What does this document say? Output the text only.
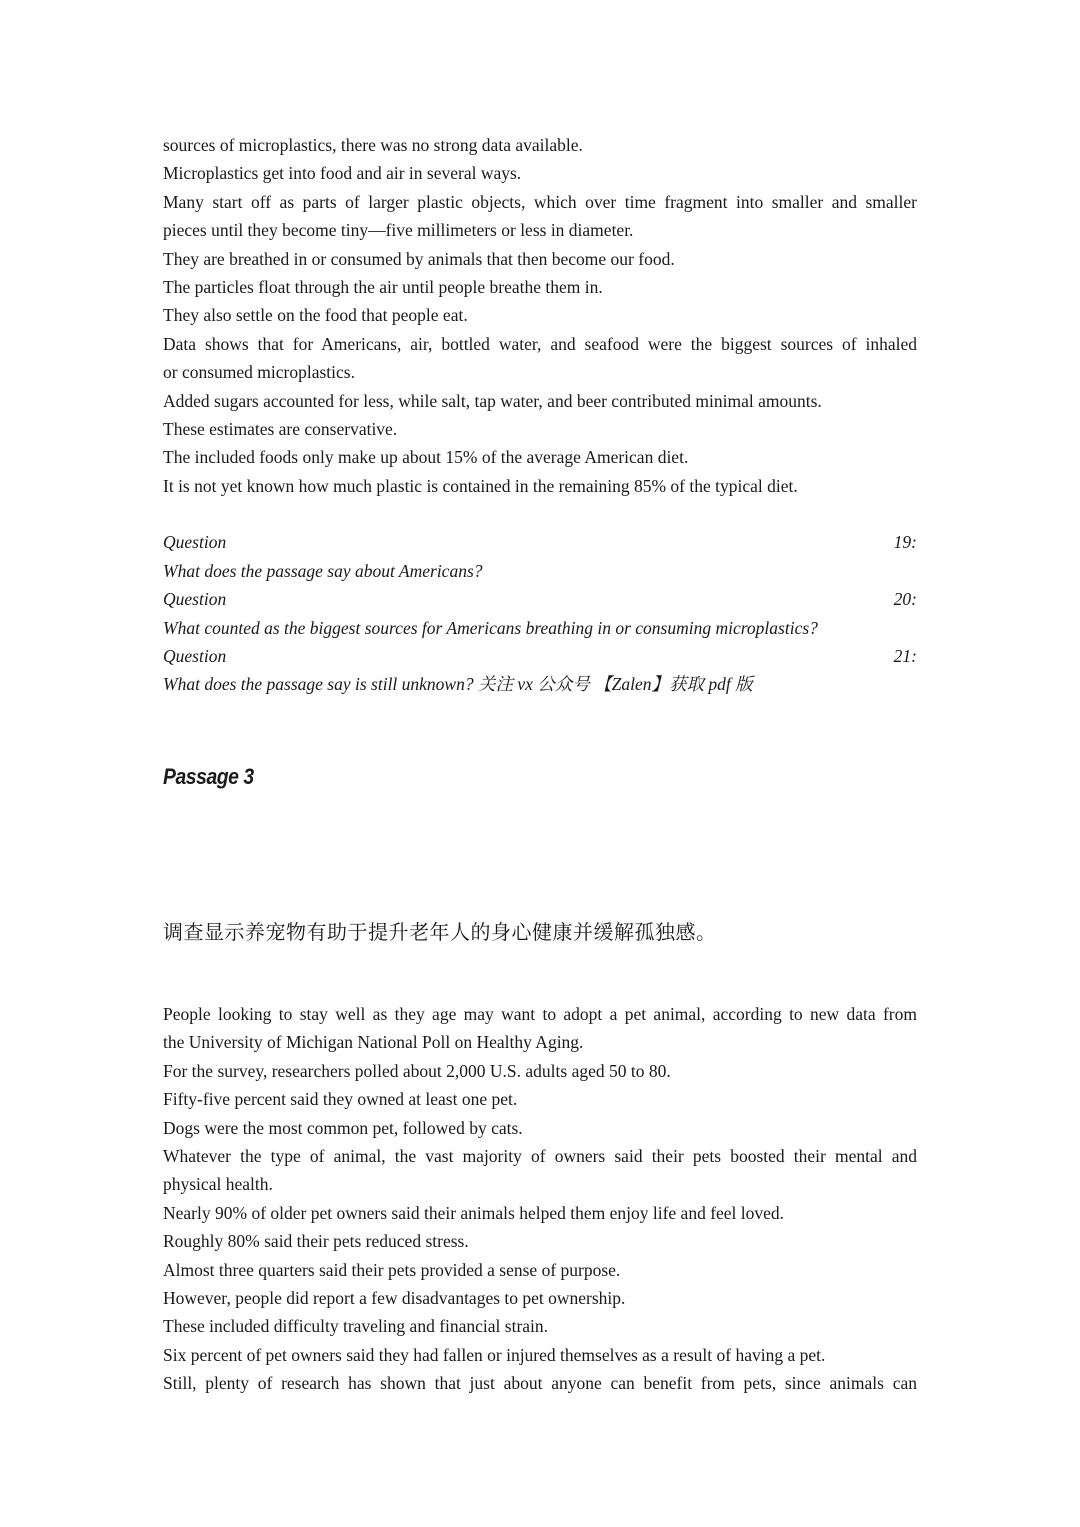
sources of microplastics, there was no strong data available.
Microplastics get into food and air in several ways.
Many start off as parts of larger plastic objects, which over time fragment into smaller and smaller
pieces until they become tiny—five millimeters or less in diameter.
They are breathed in or consumed by animals that then become our food.
The particles float through the air until people breathe them in.
They also settle on the food that people eat.
Data shows that for Americans, air, bottled water, and seafood were the biggest sources of inhaled
or consumed microplastics.
Added sugars accounted for less, while salt, tap water, and beer contributed minimal amounts.
These estimates are conservative.
The included foods only make up about 15% of the average American diet.
It is not yet known how much plastic is contained in the remaining 85% of the typical diet.
Question	19:
What does the passage say about Americans?
Question	20:
What counted as the biggest sources for Americans breathing in or consuming microplastics?
Question	21:
What does the passage say is still unknown? 关注 vx 公众号 【Zalen】获取 pdf 版
Passage 3
调查显示养宠物有助于提升老年人的身心健康并缓解孤独感。
People looking to stay well as they age may want to adopt a pet animal, according to new data from
the University of Michigan National Poll on Healthy Aging.
For the survey, researchers polled about 2,000 U.S. adults aged 50 to 80.
Fifty-five percent said they owned at least one pet.
Dogs were the most common pet, followed by cats.
Whatever the type of animal, the vast majority of owners said their pets boosted their mental and
physical health.
Nearly 90% of older pet owners said their animals helped them enjoy life and feel loved.
Roughly 80% said their pets reduced stress.
Almost three quarters said their pets provided a sense of purpose.
However, people did report a few disadvantages to pet ownership.
These included difficulty traveling and financial strain.
Six percent of pet owners said they had fallen or injured themselves as a result of having a pet.
Still, plenty of research has shown that just about anyone can benefit from pets, since animals can
